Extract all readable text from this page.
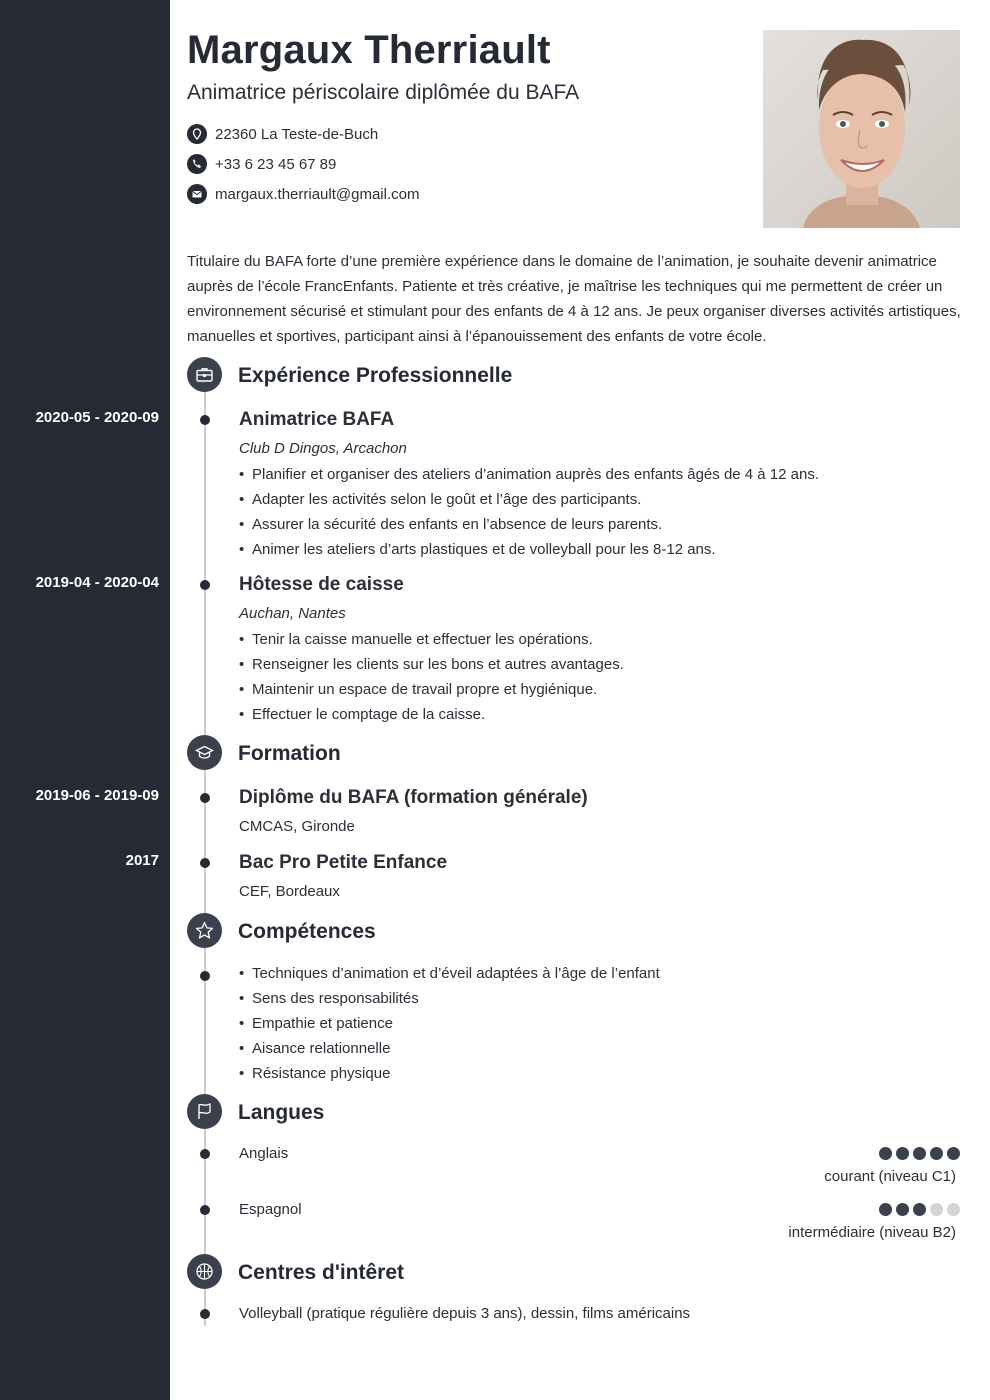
Margaux Therriault
Animatrice périscolaire diplômée du BAFA
22360 La Teste-de-Buch
+33 6 23 45 67 89
margaux.therriault@gmail.com
Titulaire du BAFA forte d’une première expérience dans le domaine de l’animation, je souhaite devenir animatrice auprès de l’école FrancEnfants. Patiente et très créative, je maîtrise les techniques qui me permettent de créer un environnement sécurisé et stimulant pour des enfants de 4 à 12 ans. Je peux organiser diverses activités artistiques, manuelles et sportives, participant ainsi à l’épanouissement des enfants de votre école.
Expérience Professionnelle
2020-05 - 2020-09	Animatrice BAFA
Club D Dingos, Arcachon
• Planifier et organiser des ateliers d’animation auprès des enfants âgés de 4 à 12 ans.
• Adapter les activités selon le goût et l’âge des participants.
• Assurer la sécurité des enfants en l’absence de leurs parents.
• Animer les ateliers d’arts plastiques et de volleyball pour les 8-12 ans.
2019-04 - 2020-04	Hôtesse de caisse
Auchan, Nantes
• Tenir la caisse manuelle et effectuer les opérations.
• Renseigner les clients sur les bons et autres avantages.
• Maintenir un espace de travail propre et hygiénique.
• Effectuer le comptage de la caisse.
Formation
2019-06 - 2019-09	Diplôme du BAFA (formation générale)
CMCAS, Gironde
2017	Bac Pro Petite Enfance
CEF, Bordeaux
Compétences
• Techniques d’animation et d’éveil adaptées à l’âge de l’enfant
• Sens des responsabilités
• Empathie et patience
• Aisance relationnelle
• Résistance physique
Langues
Anglais
courant (niveau C1)
Espagnol
intermédiaire (niveau B2)
Centres d'intêret
Volleyball (pratique régulière depuis 3 ans), dessin, films américains
